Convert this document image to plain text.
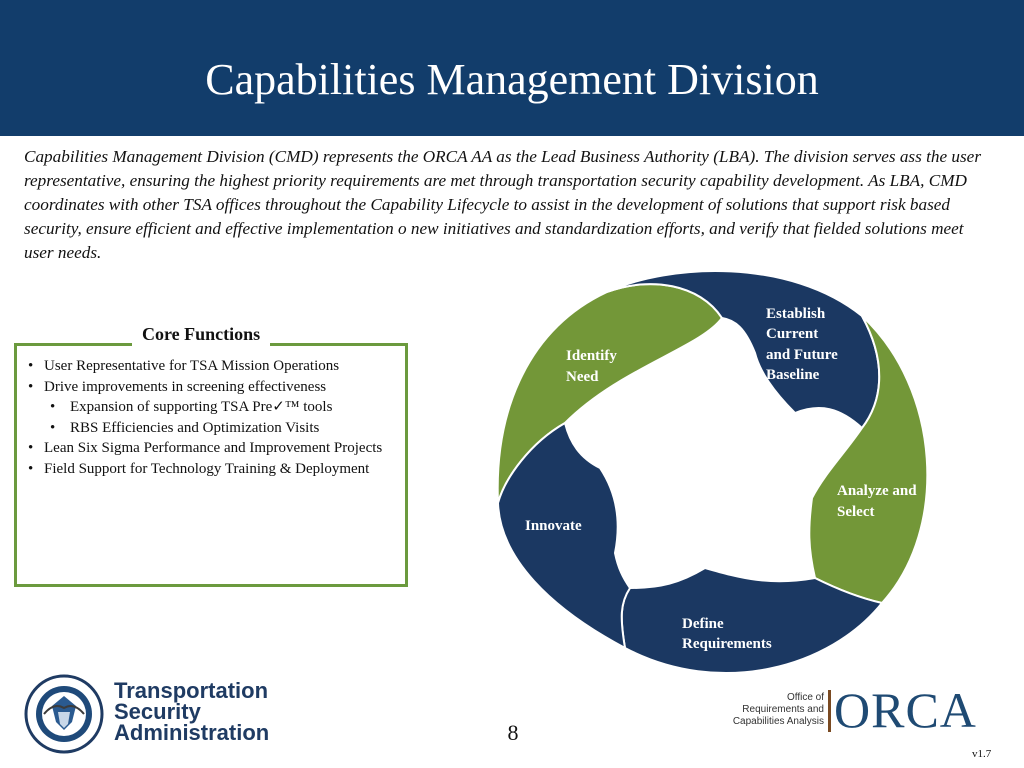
Capabilities Management Division

Capabilities Management Division (CMD) represents the ORCA AA as the Lead Business Authority (LBA). The division serves ass the user representative, ensuring the highest priority requirements are met through transportation security capability development. As LBA, CMD coordinates with other TSA offices throughout the Capability Lifecycle to assist in the development of solutions that support risk based security, ensure efficient and effective implementation o new initiatives and standardization efforts, and verify that fielded solutions meet user needs.

Core Functions
• User Representative for TSA Mission Operations
• Drive improvements in screening effectiveness
• Expansion of supporting TSA Pre✓™ tools
• RBS Efficiencies and Optimization Visits
• Lean Six Sigma Performance and Improvement Projects
• Field Support for Technology Training & Deployment
Identify Need
Establish Current and Future Baseline
Analyze and Select
Define Requirements
Innovate
Transportation
Security
Administration	8
Office of
Requirements and
Capabilities Analysis ORCA
v1.7
